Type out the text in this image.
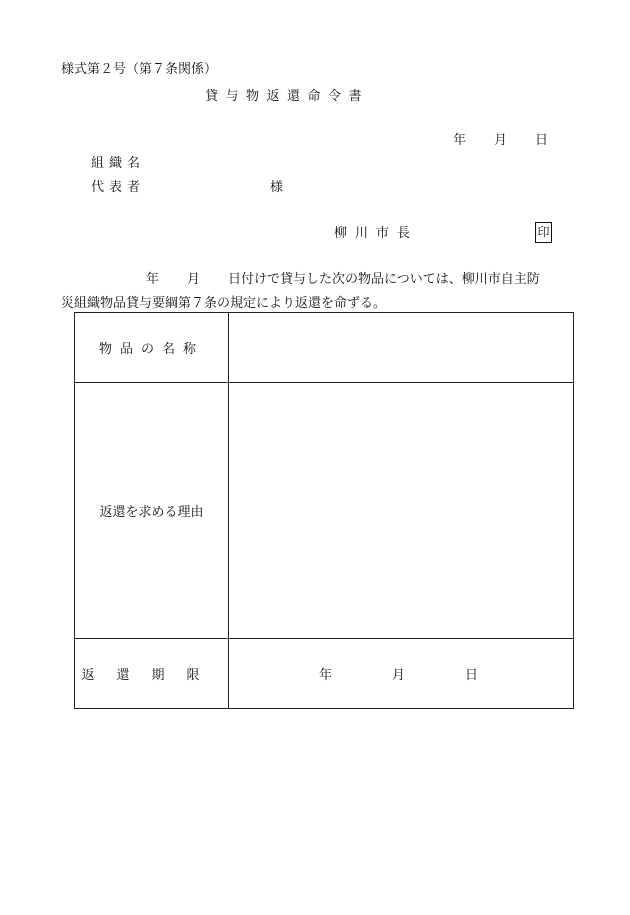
様式第２号（第７条関係）
貸与物返還命令書
年 月 日
組織名
代表者	様
柳川市長	印
年 月 日付けで貸与した次の物品については、柳川市自主防
災組織物品貸与要綱第７条の規定により返還を命ずる。
物品の名称	
返還を求める理由	
返還期限	年 月 日
